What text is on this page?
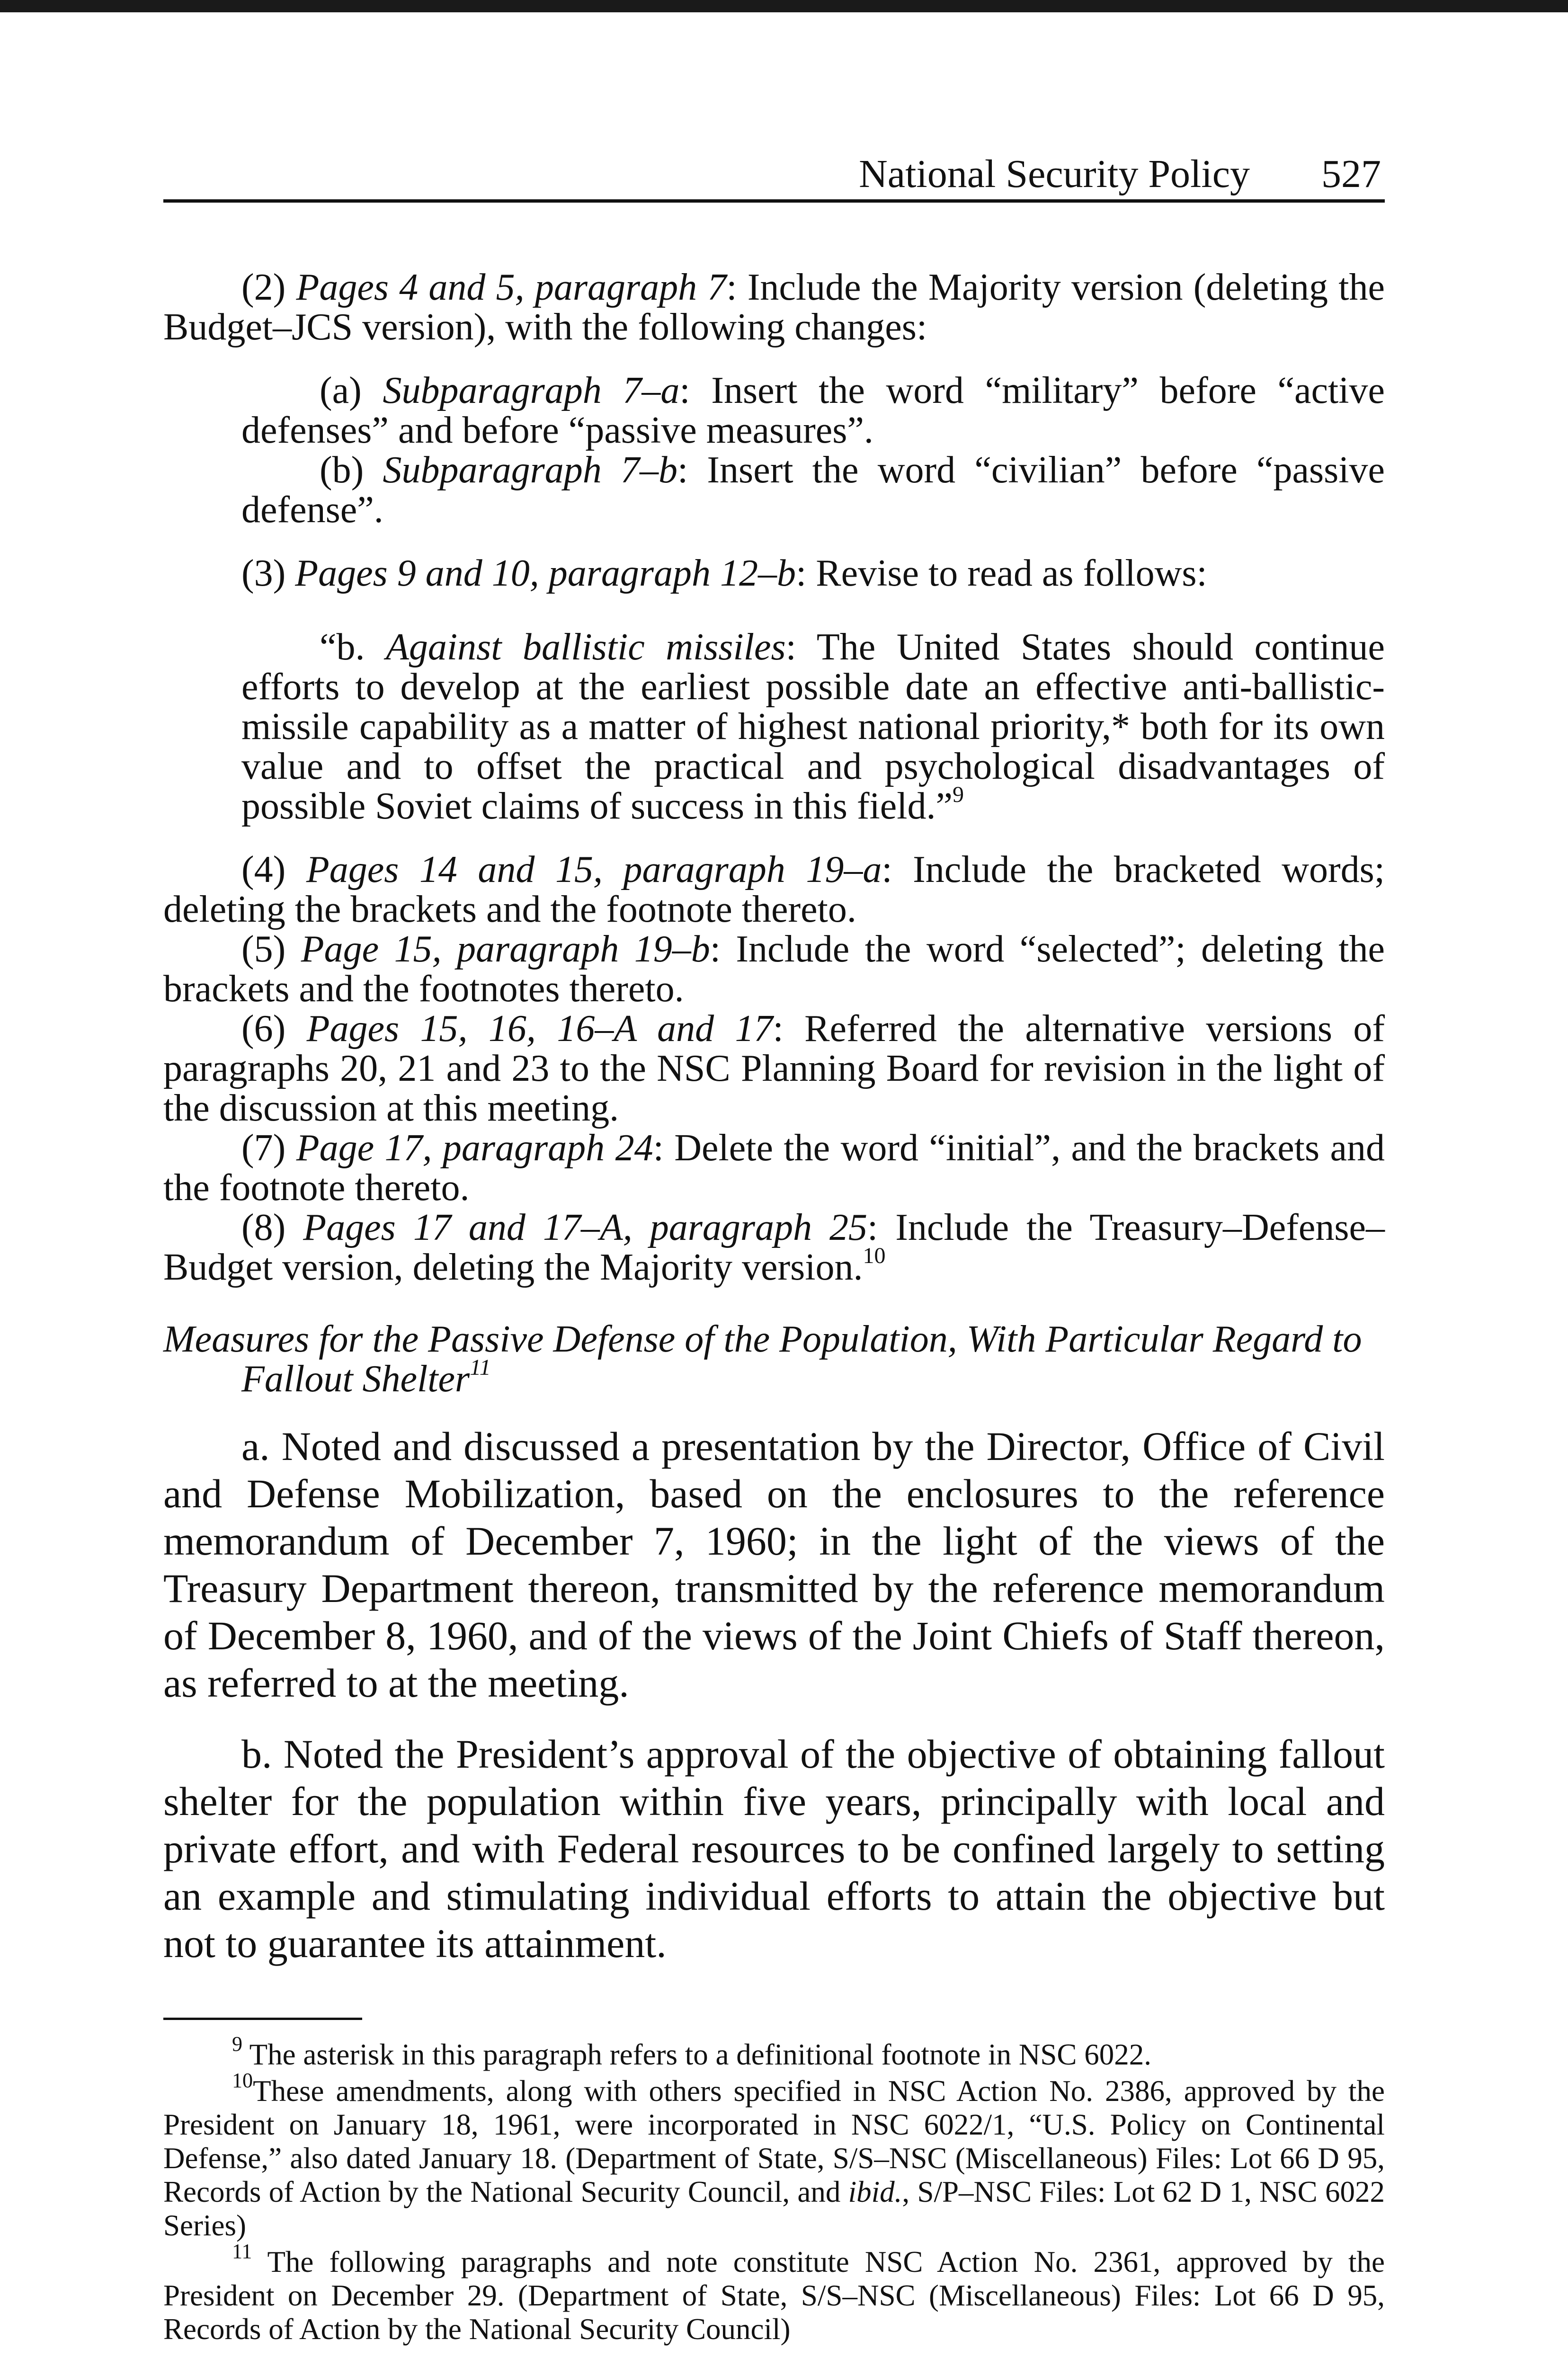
National Security Policy 527

(2) Pages 4 and 5, paragraph 7: Include the Majority version (deleting the Budget–JCS version), with the following changes:

(a) Subparagraph 7–a: Insert the word “military” before “active defenses” and before “passive measures”.

(b) Subparagraph 7–b: Insert the word “civilian” before “passive defense”.

(3) Pages 9 and 10, paragraph 12–b: Revise to read as follows:

“b. Against ballistic missiles: The United States should continue efforts to develop at the earliest possible date an effective anti-ballistic-missile capability as a matter of highest national priority,* both for its own value and to offset the practical and psychological disadvantages of possible Soviet claims of success in this field.”$^9$

(4) Pages 14 and 15, paragraph 19–a: Include the bracketed words; deleting the brackets and the footnote thereto.

(5) Page 15, paragraph 19–b: Include the word “selected”; deleting the brackets and the footnotes thereto.

(6) Pages 15, 16, 16–A and 17: Referred the alternative versions of paragraphs 20, 21 and 23 to the NSC Planning Board for revision in the light of the discussion at this meeting.

(7) Page 17, paragraph 24: Delete the word “initial”, and the brackets and the footnote thereto.

(8) Pages 17 and 17–A, paragraph 25: Include the Treasury–Defense–Budget version, deleting the Majority version.$^{10}$

Measures for the Passive Defense of the Population, With Particular Regard to Fallout Shelter$^{11}$

a. Noted and discussed a presentation by the Director, Office of Civil and Defense Mobilization, based on the enclosures to the reference memorandum of December 7, 1960; in the light of the views of the Treasury Department thereon, transmitted by the reference memorandum of December 8, 1960, and of the views of the Joint Chiefs of Staff thereon, as referred to at the meeting.

b. Noted the President’s approval of the objective of obtaining fallout shelter for the population within five years, principally with local and private effort, and with Federal resources to be confined largely to setting an example and stimulating individual efforts to attain the objective but not to guarantee its attainment.

$^9$ The asterisk in this paragraph refers to a definitional footnote in NSC 6022.

$^{10}$These amendments, along with others specified in NSC Action No. 2386, approved by the President on January 18, 1961, were incorporated in NSC 6022/1, “U.S. Policy on Continental Defense,” also dated January 18. (Department of State, S/S–NSC (Miscellaneous) Files: Lot 66 D 95, Records of Action by the National Security Council, and ibid., S/P–NSC Files: Lot 62 D 1, NSC 6022 Series)

$^{11}$ The following paragraphs and note constitute NSC Action No. 2361, approved by the President on December 29. (Department of State, S/S–NSC (Miscellaneous) Files: Lot 66 D 95, Records of Action by the National Security Council)
